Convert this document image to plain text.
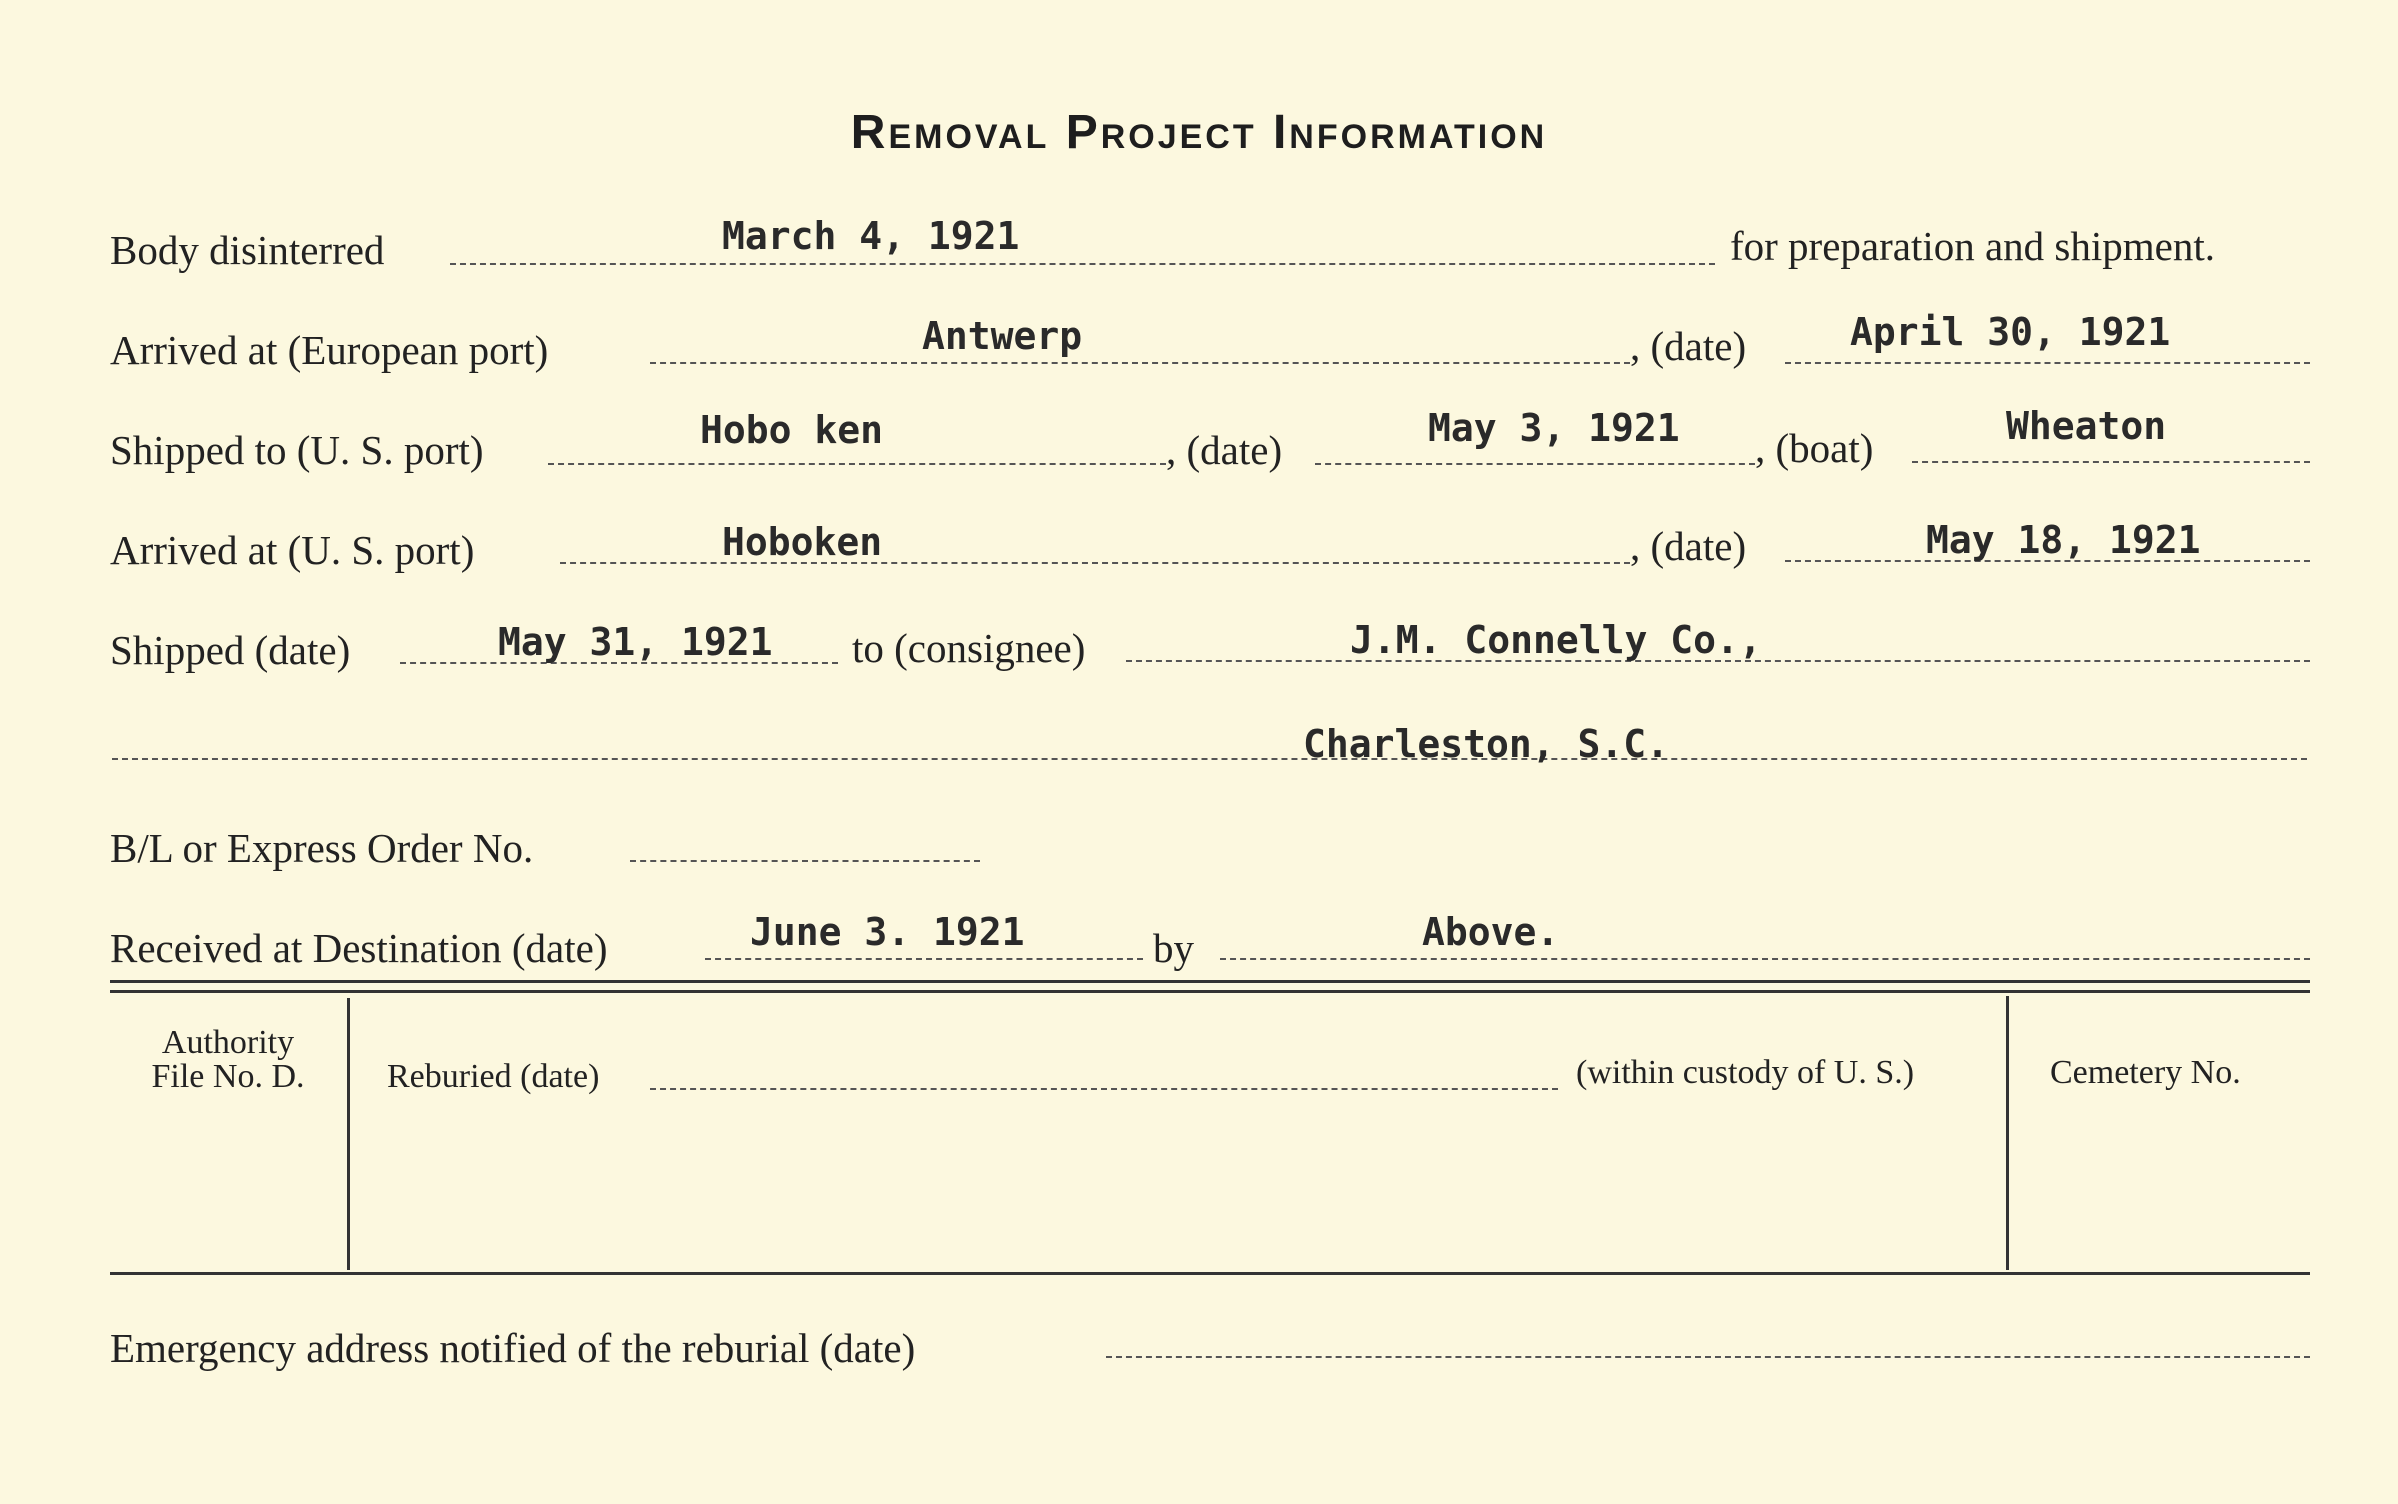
Removal Project Information
Body disinterred	March 4, 1921	for preparation and shipment.
Arrived at (European port)	Antwerp	, (date)	April 30, 1921
Shipped to (U. S. port)	Hobo ken	, (date)	May 3, 1921 , (boat)	Wheaton
Arrived at (U. S. port)	Hoboken	, (date)	May 18, 1921
Shipped (date)	May 31, 1921 to (consignee)	J.M. Connelly Co.,
Charleston, S.C.
B/L or Express Order No.
Received at Destination (date)	June 3. 1921	by	Above.
Authority
File No. D.	Reburied (date)	(within custody of U. S.)	Cemetery No.
Emergency address notified of the reburial (date)
